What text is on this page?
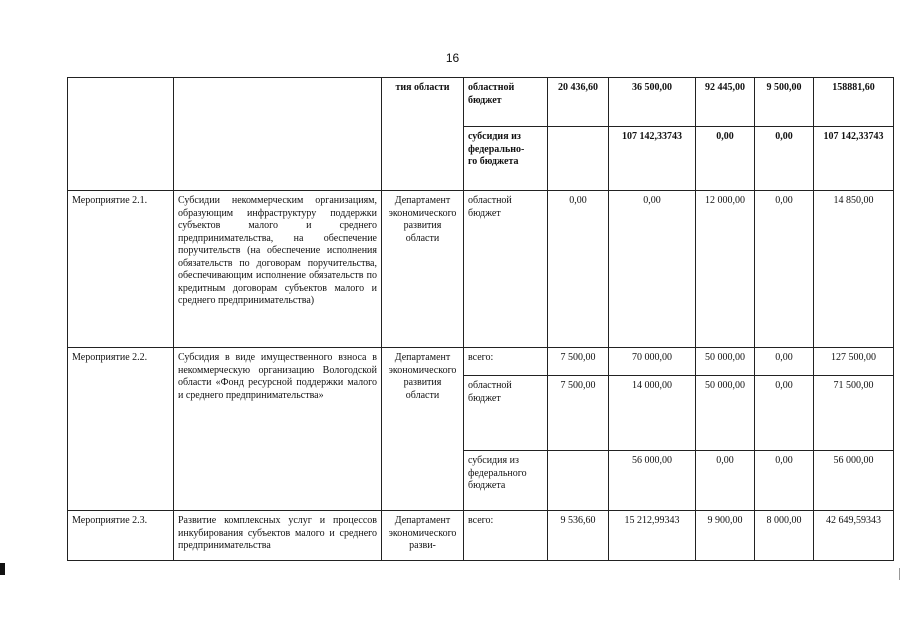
16
		тия области	областной бюджет	20 436,60	36 500,00	92 445,00	9 500,00	158881,60
			субсидия из
федерально-
го бюджета		107 142,33743	0,00	0,00	107 142,33743
Мероприятие 2.1.	Субсидии некоммерческим организациям, образующим инфраструктуру поддержки субъектов малого и среднего предпринимательства, на обеспечение поручительств (на обеспечение исполнения обязательств по договорам поручительства, обеспечивающим исполнение обязательств по кредитным договорам субъектов малого и среднего предпринимательства)	Департамент экономического развития области	областной бюджет	0,00	0,00	12 000,00	0,00	14 850,00
Мероприятие 2.2.	Субсидия в виде имущественного взноса в некоммерческую организацию Вологодской области «Фонд ресурсной поддержки малого и среднего предпринимательства»	Департамент экономического развития области	всего:	7 500,00	70 000,00	50 000,00	0,00	127 500,00
			областной бюджет	7 500,00	14 000,00	50 000,00	0,00	71 500,00
			субсидия из федерального бюджета		56 000,00	0,00	0,00	56 000,00
Мероприятие 2.3.	Развитие комплексных услуг и процессов инкубирования субъектов малого и среднего предпринимательства	Департамент экономического разви-	всего:	9 536,60	15 212,99343	9 900,00	8 000,00	42 649,59343
